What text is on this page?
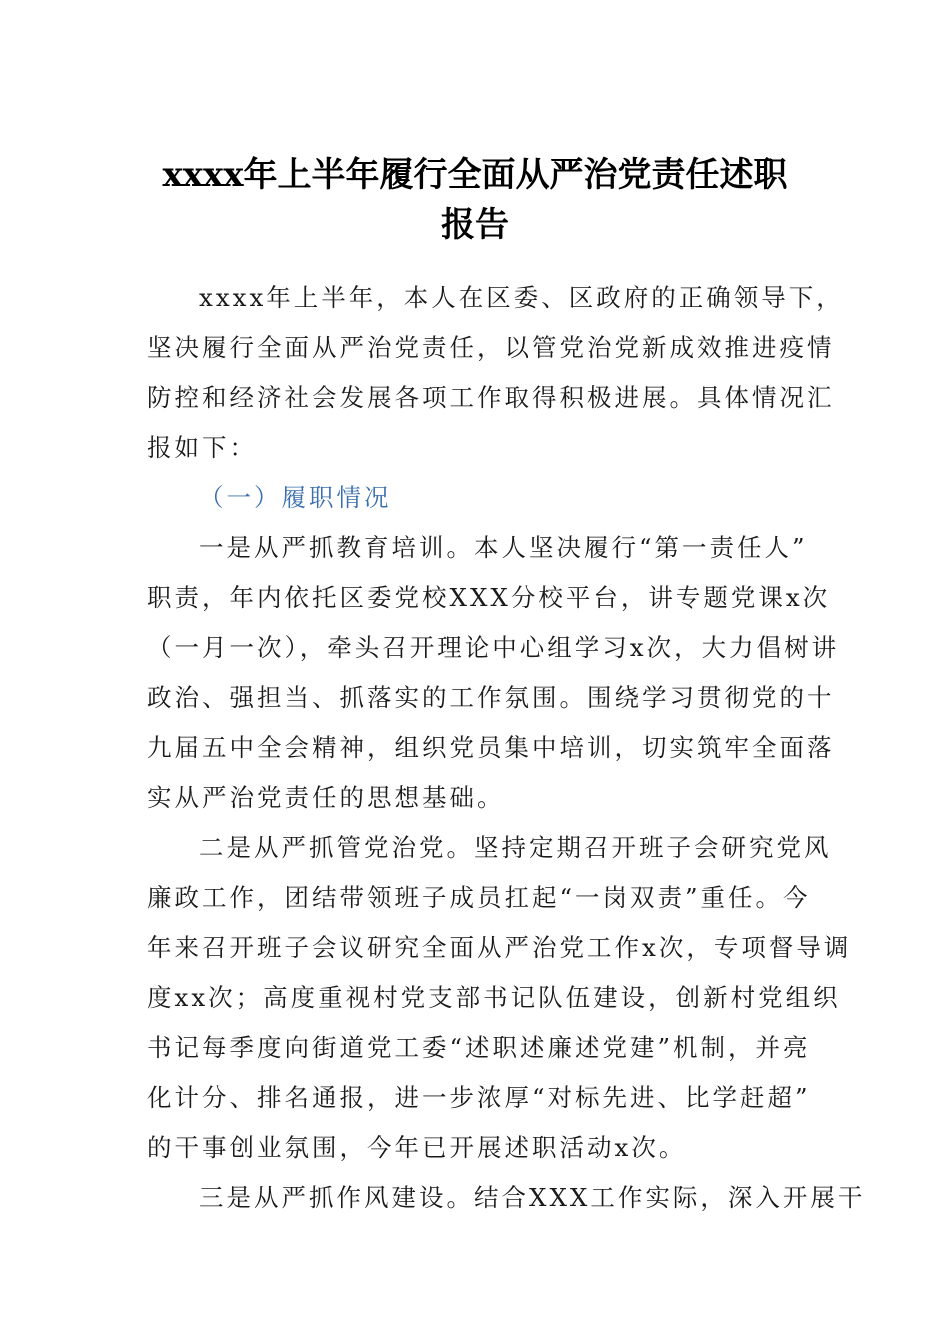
xxxx年上半年履行全面从严治党责任述职
报告

xxxx年上半年，本人在区委、区政府的正确领导下，

坚决履行全面从严治党责任，以管党治党新成效推进疫情

防控和经济社会发展各项工作取得积极进展。具体情况汇

报如下：

（一）履职情况

一是从严抓教育培训。本人坚决履行“第一责任人”

职责，年内依托区委党校XXX分校平台，讲专题党课x次

（一月一次），牵头召开理论中心组学习x次，大力倡树讲

政治、强担当、抓落实的工作氛围。围绕学习贯彻党的十

九届五中全会精神，组织党员集中培训，切实筑牢全面落

实从严治党责任的思想基础。

二是从严抓管党治党。坚持定期召开班子会研究党风

廉政工作，团结带领班子成员扛起“一岗双责”重任。今

年来召开班子会议研究全面从严治党工作x次，专项督导调

度xx次；高度重视村党支部书记队伍建设，创新村党组织

书记每季度向街道党工委“述职述廉述党建”机制，并亮

化计分、排名通报，进一步浓厚“对标先进、比学赶超”

的干事创业氛围，今年已开展述职活动x次。

三是从严抓作风建设。结合XXX工作实际，深入开展干
